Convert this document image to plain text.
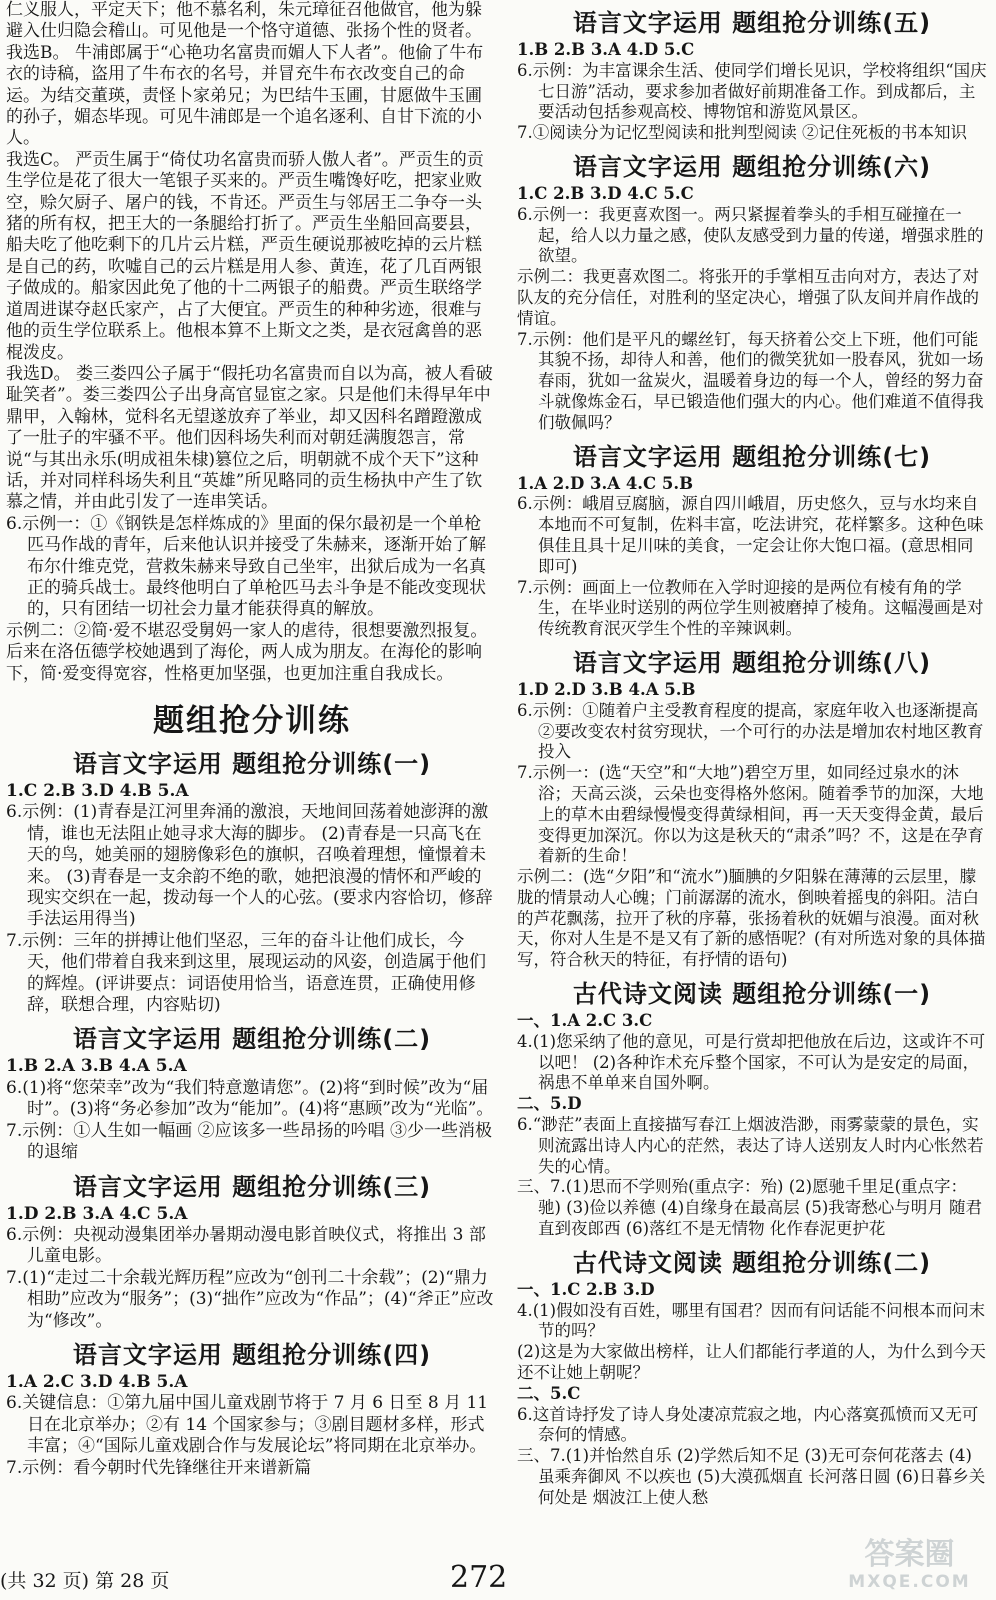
仁义服人，平定天下；他不慕名利，朱元璋征召他做官，他为躲避入仕归隐会稽山。可见他是一个恪守道德、张扬个性的贤者。

我选B。 牛浦郎属于“心艳功名富贵而媚人下人者”。他偷了牛布衣的诗稿，盗用了牛布衣的名号，并冒充牛布衣改变自己的命运。为结交董瑛，责怪卜家弟兄；为巴结牛玉圃，甘愿做牛玉圃的孙子，媚态毕现。可见牛浦郎是一个追名逐利、自甘下流的小人。

我选C。 严贡生属于“倚仗功名富贵而骄人傲人者”。严贡生的贡生学位是花了很大一笔银子买来的。严贡生嘴馋好吃，把家业败空，赊欠厨子、屠户的钱，不肯还。严贡生与邻居王二争夺一头猪的所有权，把王大的一条腿给打折了。严贡生坐船回高要县，船夫吃了他吃剩下的几片云片糕，严贡生硬说那被吃掉的云片糕是自己的药，吹嘘自己的云片糕是用人参、黄连，花了几百两银子做成的。船家因此免了他的十二两银子的船费。严贡生联络学道周进谋夺赵氏家产，占了大便宜。严贡生的种种劣迹，很难与他的贡生学位联系上。他根本算不上斯文之类，是衣冠禽兽的恶棍泼皮。

我选D。 娄三娄四公子属于“假托功名富贵而自以为高，被人看破耻笑者”。娄三娄四公子出身高官显宦之家。只是他们未得早年中鼎甲，入翰林，觉科名无望遂放弃了举业，却又因科名蹭蹬激成了一肚子的牢骚不平。他们因科场失利而对朝廷满腹怨言，常说“与其出永乐(明成祖朱棣)篡位之后，明朝就不成个天下”这种话，并对同样科场失利且“英雄”所见略同的贡生杨执中产生了钦慕之情，并由此引发了一连串笑话。

6.示例一：①《钢铁是怎样炼成的》里面的保尔最初是一个单枪匹马作战的青年，后来他认识并接受了朱赫来，逐渐开始了解布尔什维克党，营救朱赫来导致自己坐牢，出狱后成为一名真正的骑兵战士。最终他明白了单枪匹马去斗争是不能改变现状的，只有团结一切社会力量才能获得真的解放。

示例二：②简·爱不堪忍受舅妈一家人的虐待，很想要激烈报复。后来在洛伍德学校她遇到了海伦，两人成为朋友。在海伦的影响下，简·爱变得宽容，性格更加坚强，也更加注重自我成长。

题组抢分训练

语言文字运用 题组抢分训练(一)

1.C 2.B 3.D 4.B 5.A

6.示例：(1)青春是江河里奔涌的激浪，天地间回荡着她澎湃的激情，谁也无法阻止她寻求大海的脚步。 (2)青春是一只高飞在天的鸟，她美丽的翅膀像彩色的旗帜，召唤着理想，憧憬着未来。 (3)青春是一支余韵不绝的歌，她把浪漫的情怀和严峻的现实交织在一起，拨动每一个人的心弦。(要求内容恰切，修辞手法运用得当)

7.示例：三年的拼搏让他们坚忍，三年的奋斗让他们成长，今天，他们带着自我来到这里，展现运动的风姿，创造属于他们的辉煌。(评讲要点：词语使用恰当，语意连贯，正确使用修辞，联想合理，内容贴切)

语言文字运用 题组抢分训练(二)

1.B 2.A 3.B 4.A 5.A

6.(1)将“您荣幸”改为“我们特意邀请您”。(2)将“到时候”改为“届时”。(3)将“务必参加”改为“能加”。(4)将“惠顾”改为“光临”。

7.示例：①人生如一幅画 ②应该多一些昂扬的吟唱 ③少一些消极的退缩

语言文字运用 题组抢分训练(三)

1.D 2.B 3.A 4.C 5.A

6.示例：央视动漫集团举办暑期动漫电影首映仪式，将推出 3 部儿童电影。

7.(1)“走过二十余载光辉历程”应改为“创刊二十余载”；(2)“鼎力相助”应改为“服务”；(3)“拙作”应改为“作品”；(4)“斧正”应改为“修改”。

语言文字运用 题组抢分训练(四)

1.A 2.C 3.D 4.B 5.A

6.关键信息：①第九届中国儿童戏剧节将于 7 月 6 日至 8 月 11 日在北京举办；②有 14 个国家参与；③剧目题材多样，形式丰富；④“国际儿童戏剧合作与发展论坛”将同期在北京举办。

7.示例：看今朝时代先锋继往开来谱新篇

语言文字运用 题组抢分训练(五)

1.B 2.B 3.A 4.D 5.C

6.示例：为丰富课余生活、使同学们增长见识，学校将组织“国庆七日游”活动，要求参加者做好前期准备工作。到成都后，主要活动包括参观高校、博物馆和游览风景区。

7.①阅读分为记忆型阅读和批判型阅读 ②记住死板的书本知识

语言文字运用 题组抢分训练(六)

1.C 2.B 3.D 4.C 5.C

6.示例一：我更喜欢图一。两只紧握着拳头的手相互碰撞在一起，给人以力量之感，使队友感受到力量的传递，增强求胜的欲望。

示例二：我更喜欢图二。将张开的手掌相互击向对方，表达了对队友的充分信任，对胜利的坚定决心，增强了队友间并肩作战的情谊。

7.示例：他们是平凡的螺丝钉，每天挤着公交上下班，他们可能其貌不扬，却待人和善，他们的微笑犹如一股春风，犹如一场春雨，犹如一盆炭火，温暖着身边的每一个人，曾经的努力奋斗就像炼金石，早已锻造他们强大的内心。他们难道不值得我们敬佩吗？

语言文字运用 题组抢分训练(七)

1.A 2.D 3.A 4.C 5.B

6.示例：峨眉豆腐脑，源自四川峨眉，历史悠久，豆与水均来自本地而不可复制，佐料丰富，吃法讲究，花样繁多。这种色味俱佳且具十足川味的美食，一定会让你大饱口福。(意思相同即可)

7.示例：画面上一位教师在入学时迎接的是两位有棱有角的学生，在毕业时送别的两位学生则被磨掉了棱角。这幅漫画是对传统教育泯灭学生个性的辛辣讽刺。

语言文字运用 题组抢分训练(八)

1.D 2.D 3.B 4.A 5.B

6.示例：①随着户主受教育程度的提高，家庭年收入也逐渐提高 ②要改变农村贫穷现状，一个可行的办法是增加农村地区教育投入

7.示例一：(选“天空”和“大地”)碧空万里，如同经过泉水的沐浴；天高云淡，云朵也变得格外悠闲。随着季节的加深，大地上的草木由碧绿慢慢变得黄绿相间，再一天天变得金黄，最后变得更加深沉。你以为这是秋天的“肃杀”吗？不，这是在孕育着新的生命！

示例二：(选“夕阳”和“流水”)腼腆的夕阳躲在薄薄的云层里，朦胧的情景动人心魄；门前潺潺的流水，倒映着摇曳的斜阳。洁白的芦花飘荡，拉开了秋的序幕，张扬着秋的妩媚与浪漫。面对秋天，你对人生是不是又有了新的感悟呢？(有对所选对象的具体描写，符合秋天的特征，有抒情的语句)

古代诗文阅读 题组抢分训练(一)

一、1.A 2.C 3.C

4.(1)您采纳了他的意见，可是行赏却把他放在后边，这或许不可以吧！ (2)各种诈术充斥整个国家，不可认为是安定的局面，祸患不单单来自国外啊。

二、5.D

6.“渺茫”表面上直接描写春江上烟波浩渺，雨雾蒙蒙的景色，实则流露出诗人内心的茫然，表达了诗人送别友人时内心怅然若失的心情。

三、7.(1)思而不学则殆(重点字：殆) (2)愿驰千里足(重点字：驰) (3)俭以养德 (4)自缘身在最高层 (5)我寄愁心与明月 随君直到夜郎西 (6)落红不是无情物 化作春泥更护花

古代诗文阅读 题组抢分训练(二)

一、1.C 2.B 3.D

4.(1)假如没有百姓，哪里有国君？因而有问话能不问根本而问末节的吗？

(2)这是为大家做出榜样，让人们都能行孝道的人，为什么到今天还不让她上朝呢？

二、5.C

6.这首诗抒发了诗人身处凄凉荒寂之地，内心落寞孤愤而又无可奈何的情感。

三、7.(1)并怡然自乐 (2)学然后知不足 (3)无可奈何花落去 (4)虽乘奔御风 不以疾也 (5)大漠孤烟直 长河落日圆 (6)日暮乡关何处是 烟波江上使人愁

(共 32 页) 第 28 页	272
答案圈
MXQE.COM
